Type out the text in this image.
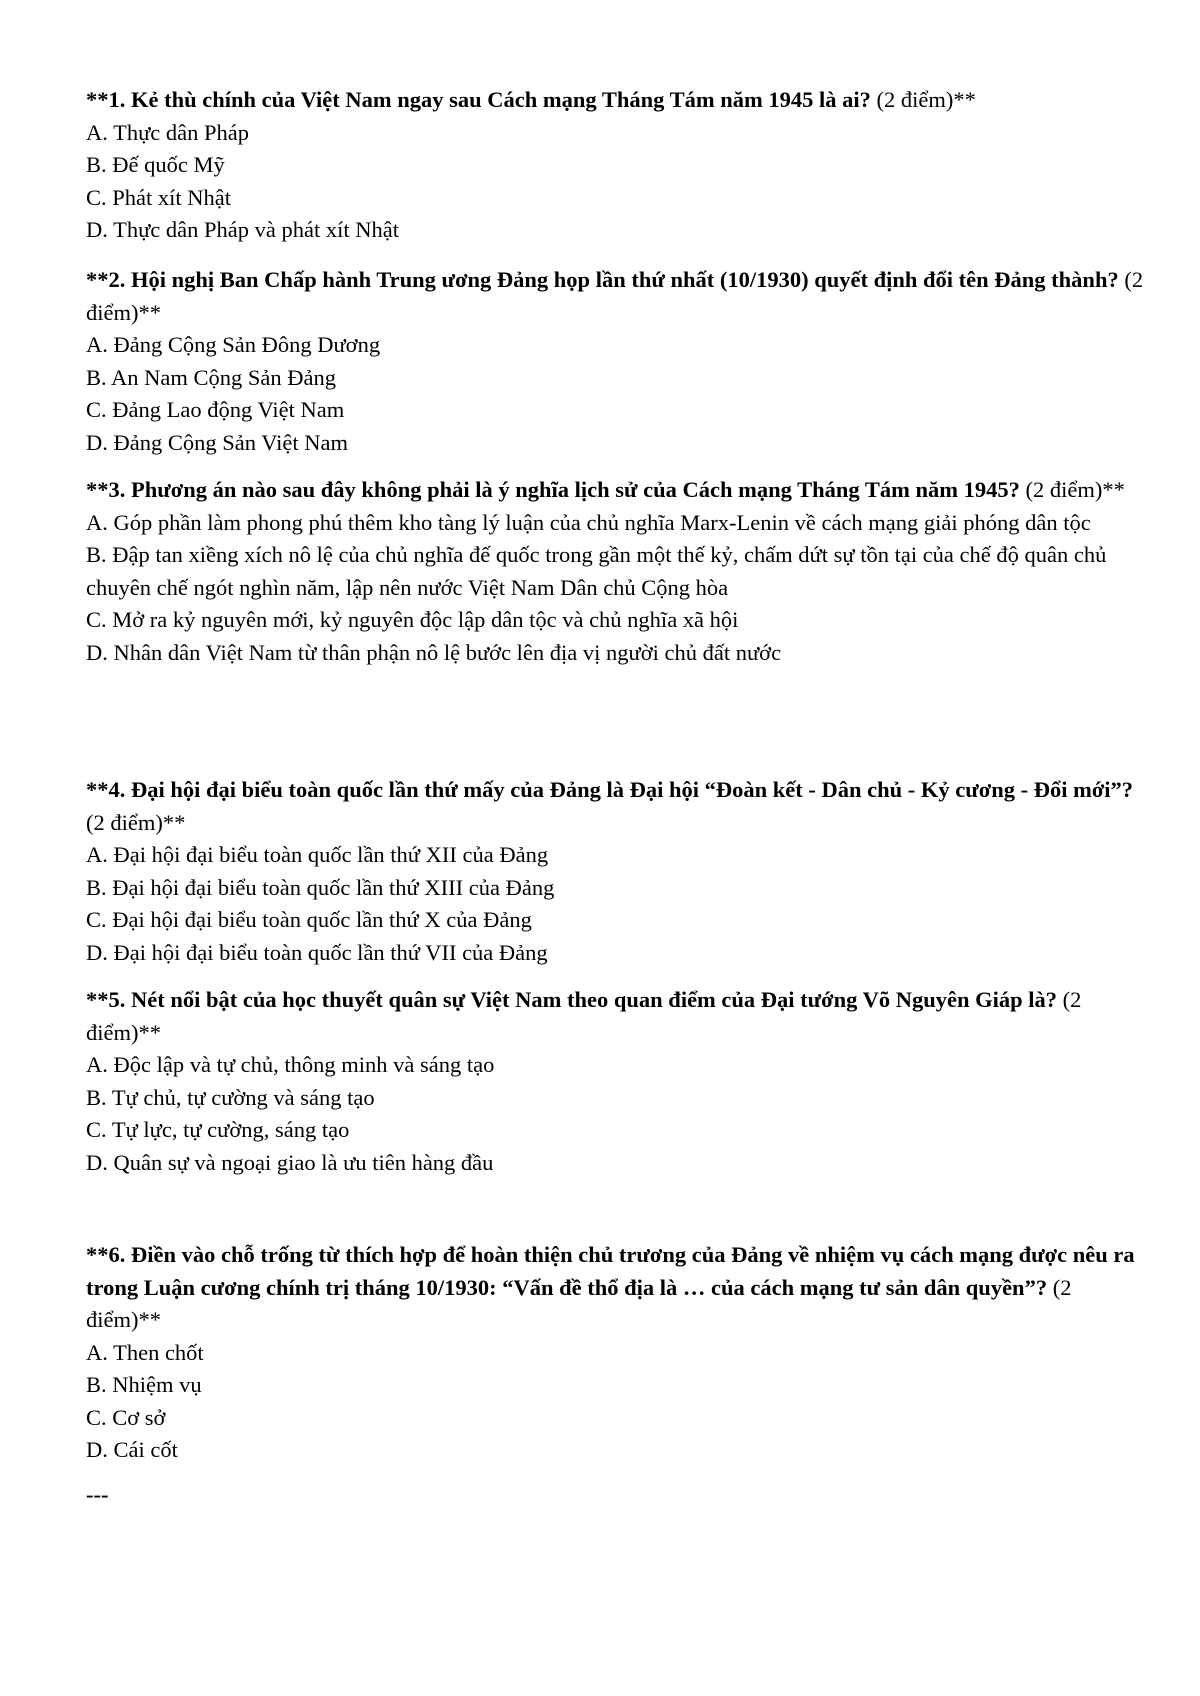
**1. Kẻ thù chính của Việt Nam ngay sau Cách mạng Tháng Tám năm 1945 là ai? (2 điểm)**

A. Thực dân Pháp

B. Đế quốc Mỹ

C. Phát xít Nhật

D. Thực dân Pháp và phát xít Nhật

**2. Hội nghị Ban Chấp hành Trung ương Đảng họp lần thứ nhất (10/1930) quyết định đổi tên Đảng thành? (2 điểm)**

A. Đảng Cộng Sản Đông Dương

B. An Nam Cộng Sản Đảng

C. Đảng Lao động Việt Nam

D. Đảng Cộng Sản Việt Nam

**3. Phương án nào sau đây không phải là ý nghĩa lịch sử của Cách mạng Tháng Tám năm 1945? (2 điểm)**

A. Góp phần làm phong phú thêm kho tàng lý luận của chủ nghĩa Marx-Lenin về cách mạng giải phóng dân tộc

B. Đập tan xiềng xích nô lệ của chủ nghĩa đế quốc trong gần một thế kỷ, chấm dứt sự tồn tại của chế độ quân chủ chuyên chế ngót nghìn năm, lập nên nước Việt Nam Dân chủ Cộng hòa

C. Mở ra kỷ nguyên mới, kỷ nguyên độc lập dân tộc và chủ nghĩa xã hội

D. Nhân dân Việt Nam từ thân phận nô lệ bước lên địa vị người chủ đất nước

**4. Đại hội đại biểu toàn quốc lần thứ mấy của Đảng là Đại hội “Đoàn kết - Dân chủ - Kỷ cương - Đổi mới”? (2 điểm)**

A. Đại hội đại biểu toàn quốc lần thứ XII của Đảng

B. Đại hội đại biểu toàn quốc lần thứ XIII của Đảng

C. Đại hội đại biểu toàn quốc lần thứ X của Đảng

D. Đại hội đại biểu toàn quốc lần thứ VII của Đảng

**5. Nét nổi bật của học thuyết quân sự Việt Nam theo quan điểm của Đại tướng Võ Nguyên Giáp là? (2 điểm)**

A. Độc lập và tự chủ, thông minh và sáng tạo

B. Tự chủ, tự cường và sáng tạo

C. Tự lực, tự cường, sáng tạo

D. Quân sự và ngoại giao là ưu tiên hàng đầu

**6. Điền vào chỗ trống từ thích hợp để hoàn thiện chủ trương của Đảng về nhiệm vụ cách mạng được nêu ra trong Luận cương chính trị tháng 10/1930: “Vấn đề thổ địa là … của cách mạng tư sản dân quyền”? (2 điểm)**

A. Then chốt

B. Nhiệm vụ

C. Cơ sở

D. Cái cốt

---
